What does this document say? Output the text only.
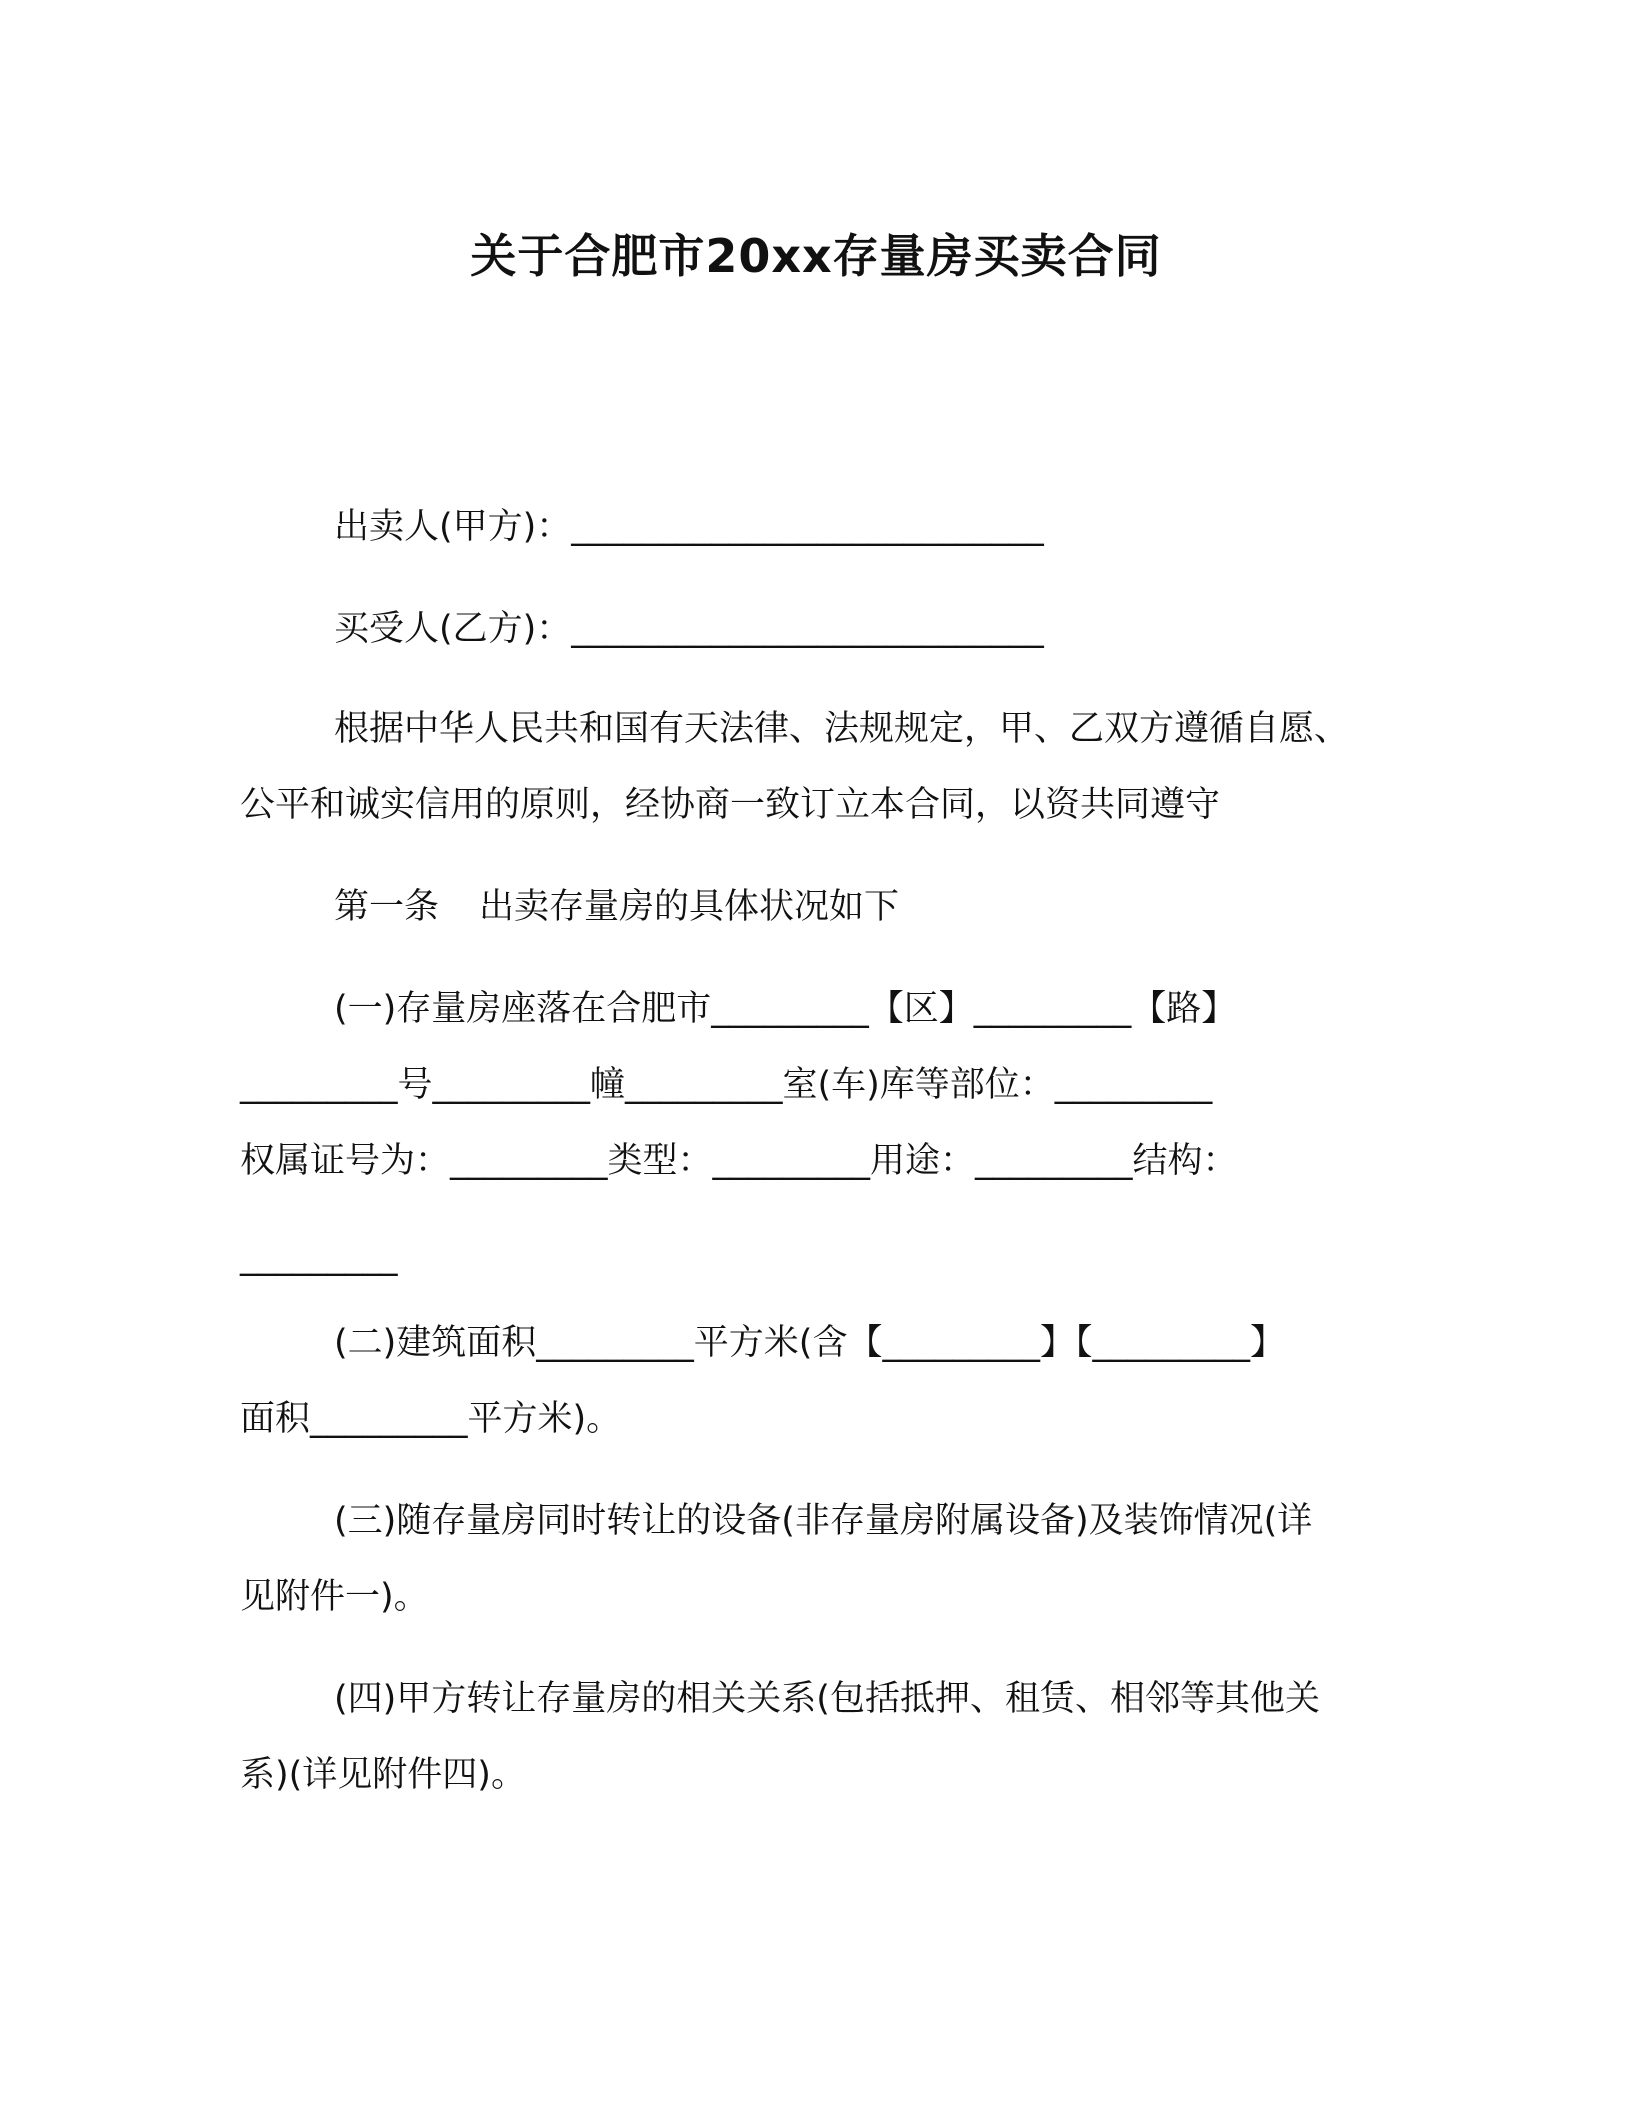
关于合肥市20xx存量房买卖合同

出卖人(甲方)：___________________________

买受人(乙方)：___________________________

根据中华人民共和国有天法律、法规规定，甲、乙双方遵循自愿、

公平和诚实信用的原则，经协商一致订立本合同，以资共同遵守

第一条 出卖存量房的具体状况如下

(一)存量房座落在合肥市_________【区】_________【路】

_________号_________幢_________室(车)库等部位：_________

权属证号为：_________类型：_________用途：_________结构：

_________

(二)建筑面积_________平方米(含【_________】【_________】

面积_________平方米)。

(三)随存量房同时转让的设备(非存量房附属设备)及装饰情况(详

见附件一)。

(四)甲方转让存量房的相关关系(包括抵押、租赁、相邻等其他关

系)(详见附件四)。
